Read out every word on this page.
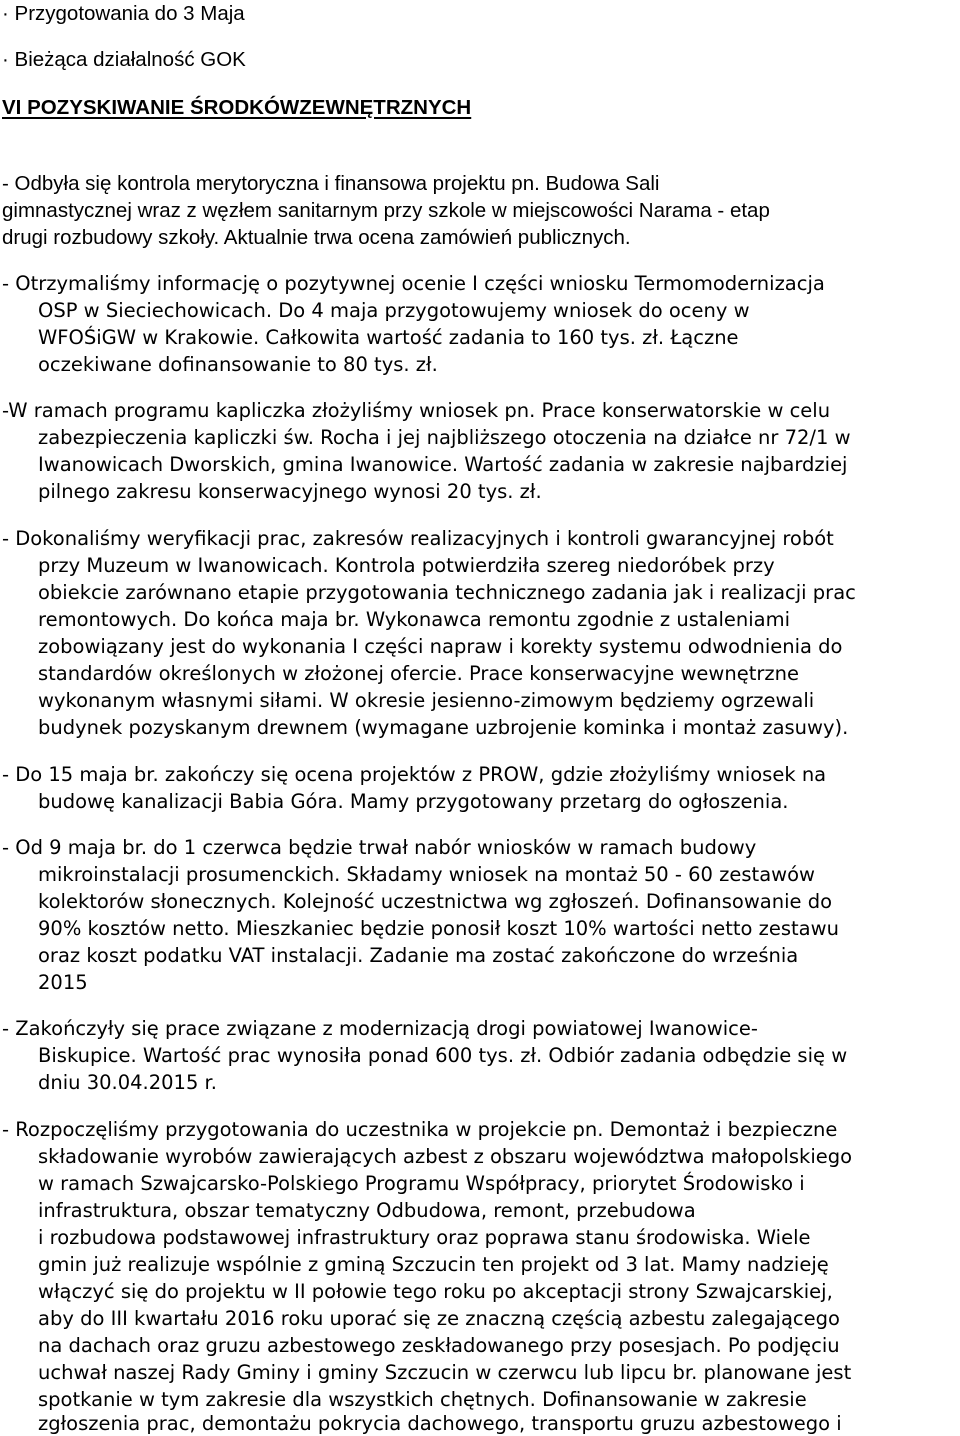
· Przygotowania do 3 Maja
· Bieżąca działalność GOK
VI POZYSKIWANIE ŚRODKÓWZEWNĘTRZNYCH
- Odbyła się kontrola merytoryczna i finansowa projektu pn. Budowa Sali
gimnastycznej wraz z węzłem sanitarnym przy szkole w miejscowości Narama - etap
drugi rozbudowy szkoły. Aktualnie trwa ocena zamówień publicznych.
- Otrzymaliśmy informację o pozytywnej ocenie I części wniosku Termomodernizacja
OSP w Sieciechowicach. Do 4 maja przygotowujemy wniosek do oceny w
WFOŚiGW w Krakowie. Całkowita wartość zadania to 160 tys. zł. Łączne
oczekiwane dofinansowanie to 80 tys. zł.
-W ramach programu kapliczka złożyliśmy wniosek pn. Prace konserwatorskie w celu
zabezpieczenia kapliczki św. Rocha i jej najbliższego otoczenia na działce nr 72/1 w
Iwanowicach Dworskich, gmina Iwanowice. Wartość zadania w zakresie najbardziej
pilnego zakresu konserwacyjnego wynosi 20 tys. zł.
- Dokonaliśmy weryfikacji prac, zakresów realizacyjnych i kontroli gwarancyjnej robót
przy Muzeum w Iwanowicach. Kontrola potwierdziła szereg niedoróbek przy
obiekcie zarównano etapie przygotowania technicznego zadania jak i realizacji prac
remontowych. Do końca maja br. Wykonawca remontu zgodnie z ustaleniami
zobowiązany jest do wykonania I części napraw i korekty systemu odwodnienia do
standardów określonych w złożonej ofercie. Prace konserwacyjne wewnętrzne
wykonanym własnymi siłami. W okresie jesienno-zimowym będziemy ogrzewali
budynek pozyskanym drewnem (wymagane uzbrojenie kominka i montaż zasuwy).
- Do 15 maja br. zakończy się ocena projektów z PROW, gdzie złożyliśmy wniosek na
budowę kanalizacji Babia Góra. Mamy przygotowany przetarg do ogłoszenia.
- Od 9 maja br. do 1 czerwca będzie trwał nabór wniosków w ramach budowy
mikroinstalacji prosumenckich. Składamy wniosek na montaż 50 - 60 zestawów
kolektorów słonecznych. Kolejność uczestnictwa wg zgłoszeń. Dofinansowanie do
90% kosztów netto. Mieszkaniec będzie ponosił koszt 10% wartości netto zestawu
oraz koszt podatku VAT instalacji. Zadanie ma zostać zakończone do września
2015
- Zakończyły się prace związane z modernizacją drogi powiatowej Iwanowice-
Biskupice. Wartość prac wynosiła ponad 600 tys. zł. Odbiór zadania odbędzie się w
dniu 30.04.2015 r.
- Rozpoczęliśmy przygotowania do uczestnika w projekcie pn. Demontaż i bezpieczne
składowanie wyrobów zawierających azbest z obszaru województwa małopolskiego
w ramach Szwajcarsko-Polskiego Programu Współpracy, priorytet Środowisko i
infrastruktura, obszar tematyczny Odbudowa, remont, przebudowa
i rozbudowa podstawowej infrastruktury oraz poprawa stanu środowiska. Wiele
gmin już realizuje wspólnie z gminą Szczucin ten projekt od 3 lat. Mamy nadzieję
włączyć się do projektu w II połowie tego roku po akceptacji strony Szwajcarskiej,
aby do III kwartału 2016 roku uporać się ze znaczną częścią azbestu zalegającego
na dachach oraz gruzu azbestowego zeskładowanego przy posesjach. Po podjęciu
uchwał naszej Rady Gminy i gminy Szczucin w czerwcu lub lipcu br. planowane jest
spotkanie w tym zakresie dla wszystkich chętnych. Dofinansowanie w zakresie
zgłoszenia prac, demontażu pokrycia dachowego, transportu gruzu azbestowego i
